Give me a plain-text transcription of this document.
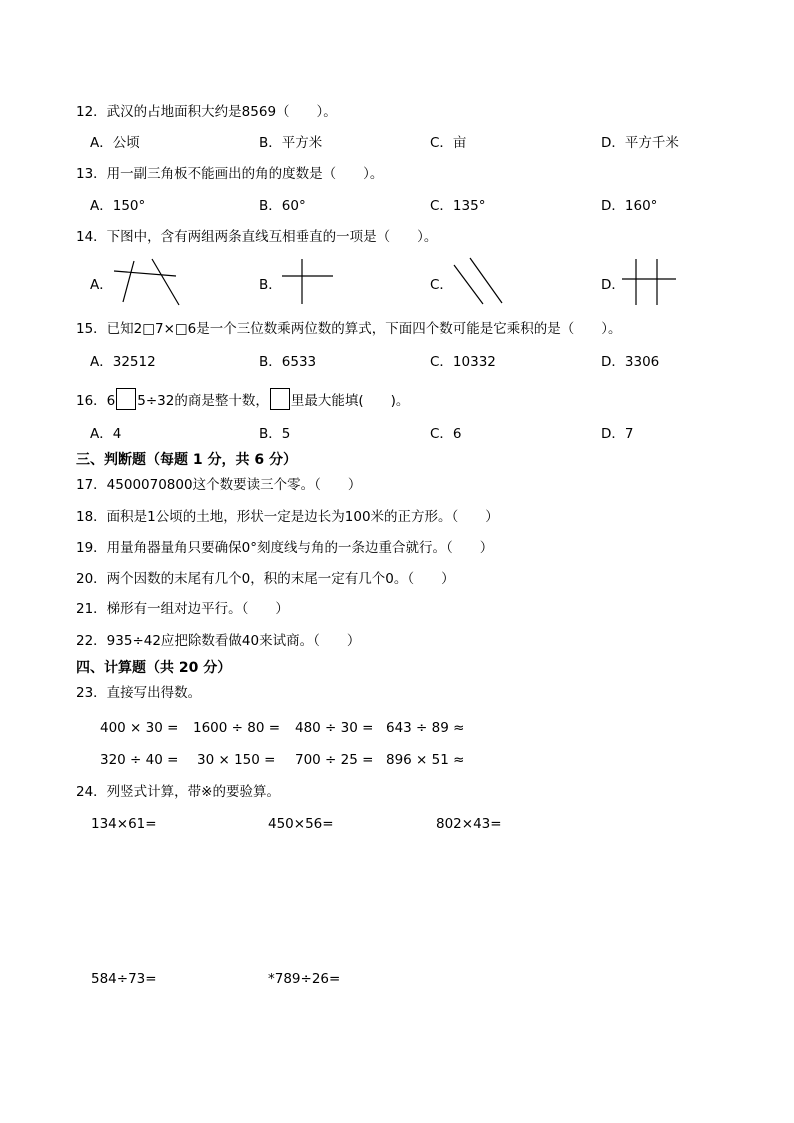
12．武汉的占地面积大约是8569（　　）。
A．公顷	B．平方米	C．亩	D．平方千米
13．用一副三角板不能画出的角的度数是（　　）。
A．150°	B．60°	C．135°	D．160°
14．下图中，含有两组两条直线互相垂直的一项是（　　）。
A．	B．	C．	D．
15．已知2□7×□6是一个三位数乘两位数的算式，下面四个数可能是它乘积的是（　　）。
A．32512	B．6533	C．10332	D．3306
16．6 5÷32的商是整十数， 里最大能填(　　)。
A．4	B．5	C．6	D．7
三、判断题（每题 1 分，共 6 分）
17．4500070800这个数要读三个零。（　　）
18．面积是1公顷的土地，形状一定是边长为100米的正方形。（　　）
19．用量角器量角只要确保0°刻度线与角的一条边重合就行。（　　）
20．两个因数的末尾有几个0，积的末尾一定有几个0。（　　）
21．梯形有一组对边平行。（　　）
22．935÷42应把除数看做40来试商。（　　）
四、计算题（共 20 分）
23．直接写出得数。
400 × 30 = 1600 ÷ 80 = 480 ÷ 30 = 643 ÷ 89 ≈
320 ÷ 40 = 30 × 150 = 700 ÷ 25 = 896 × 51 ≈
24．列竖式计算，带※的要验算。
134×61=	450×56=	802×43=
584÷73=	*789÷26=
